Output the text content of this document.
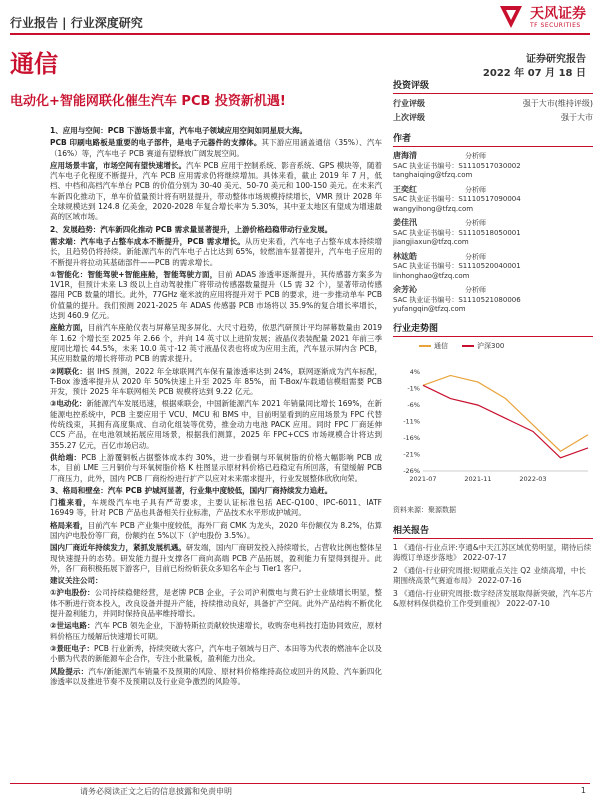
行业报告 | 行业深度研究
天风证券
TF SECURITIES
通信	证券研究报告
2022 年 07 月 18 日
电动化+智能网联化催生汽车 PCB 投资新机遇!

1、应用与空间：PCB 下游场景丰富，汽车电子领域应用空间如同星辰大海。

PCB 印刷电路板是重要的电子部件，是电子元器件的支撑体。其下游应用涵盖通信（35%）、汽车（16%）等，汽车电子 PCB 赛道有望释放广阔发展空间。

应用场景丰富，市场空间有望快速增长。汽车 PCB 应用于控制系统、影音系统、GPS 模块等，随着汽车电子化程度不断提升，汽车 PCB 应用需求仍将继续增加。具体来看，截止 2019 年 7 月，低档、中档和高档汽车单台 PCB 的价值分别为 30-40 美元、50-70 美元和 100-150 美元。在未来汽车新四化推动下，单车价值量预计将有明显提升，带动整体市场规模持续增长，VMR 预计 2028 年全球规模达到 124.8 亿美金，2020-2028 年复合增长率为 5.30%，其中亚太地区有望成为增速最高的区域市场。

2、发展趋势：汽车新四化推动 PCB 需求量显著提升，上游价格趋稳带动行业发展。

需求端：汽车电子占整车成本不断提升，PCB 需求增长。从历史来看，汽车电子占整车成本持续增长，且趋势仍将持续。新能源汽车的汽车电子占比达到 65%，较燃油车显著提升，汽车电子应用的不断提升将拉动其基础部件——PCB 的需求增长。

①智能化：智能驾驶+智能座舱，智能驾驶方面，目前 ADAS 渗透率逐渐提升，其传感器方案多为 1V1R，但预计未来 L3 级以上自动驾驶推广将带动传感器数量提升（L5 需 32 个），显著带动传感器用 PCB 数量的增长。此外，77GHz 毫米波的应用将提升对于 PCB 的要求，进一步推动单车 PCB 价值量的提升。我们预测 2021-2025 年 ADAS 传感器 PCB 市场将以 35.9%的复合增长率增长，达到 460.9 亿元。

座舱方面，目前汽车座舱仪表与屏幕呈现多屏化、大尺寸趋势，依思汽研预计平均屏幕数量由 2019 年 1.62 个增长至 2025 年 2.66 个，并向 14 英寸以上进阶发展；液晶仪表装配量 2021 年前三季度同比增长 44.5%，未来 10.0 英寸-12 英寸液晶仪表也将成为应用主流，汽车显示屏内含 PCB，其应用数量的增长将带动 PCB 的需求提升。

②网联化：据 IHS 预测，2022 年全球联网汽车保有量渗透率达到 24%，联网逐渐成为汽车标配，T-Box 渗透率提升从 2020 年 50%快速上升至 2025 年 85%，而 T-Box/车载通信模组需要 PCB 开发，预计 2025 年车联网相关 PCB 规模将达到 9.22 亿元。

③电动化：新能源汽车发展迅速，根据乘联会，中国新能源汽车 2021 年销量同比增长 169%，在新能源电控系统中，PCB 主要应用于 VCU、MCU 和 BMS 中，目前明显看到的应用场景为 FPC 代替传统线束，其拥有高度集成、自动化组装等优势，推金动力电池 PACK 应用。同时 FPC 厂商延伸 CCS 产品，在电池领域拓展应用场景，根据我们测算，2025 年 FPC+CCS 市场规模合计将达到 355.27 亿元，百亿市场启动。

供给端：PCB 上游覆铜板占据整体成本约 30%，进一步看铜与环氧树脂的价格大幅影响 PCB 成本，目前 LME 三月铜价与环氧树脂价格 K 柱图显示原材料价格已趋稳定有所回落，有望缓解 PCB 厂商压力，此外，国内 PCB 厂商纷纷进行扩产以应对未来需求提升，行业发展整体欣欣向荣。

3、格局和壁垒：汽车 PCB 护城河显著，行业集中度较低，国内厂商持续发力追赶。

门槛来看，车规级汽车电子具有严苛要求，主要认证标准包括 AEC-Q100、IPC-6011、IATF 16949 等，针对 PCB 产品也具备相关行业标准，产品技术水平形成护城河。

格局来看，目前汽车 PCB 产业集中度较低，海外厂商 CMK 为龙头，2020 年份额仅为 8.2%，估算国内沪电股份等厂商，份额约在 5%以下（沪电股份 3.5%）。

国内厂商近年持续发力，紧抓发展机遇。研发端，国内厂商研发投入持续增长，占营收比例也整体呈现快速提升的态势。研发能力提升支撑各厂商向高端 PCB 产品拓展，盈利能力有望得到提升。此外，各厂商积极拓展下游客户，目前已纷纷斩获众多知名车企与 Tier1 客户。

建议关注公司：

①沪电股份：公司持续稳健经营，是老牌 PCB 企业，子公司沪利微电与黄石沪士业绩增长明显，整体不断进行资本投入，改良设备并提升产能，持续推动良好，具备扩产空间。此外产品结构不断优化提升盈利能力，并同时保持良品率维持增长。

②世运电路：汽车 PCB 领先企业，下游特斯拉贡献较快速增长，收购奈电科技打造协同效应，原材料价格压力缓解后快速增长可期。

③景旺电子：PCB 行业新秀，持续突破大客户，汽车电子领域与日产、本田等为代表的燃油车企以及小鹏为代表的新能源车企合作，专注小批量板，盈利能力出众。

风险提示：汽车/新能源汽车销量不及预期的风险、原材料价格维持高位或回升的风险、汽车新四化渗透率以及推进节奏不及预期以及行业竞争激烈的风险等。

投资评级
行业评级	强于大市(维持评级)
上次评级	强于大市
作者
唐海清	分析师
SAC 执业证书编号：S1110517030002
tanghaiqing@tfzq.com
王奕红	分析师
SAC 执业证书编号：S1110517090004
wangyihong@tfzq.com
姜佳汛	分析师
SAC 执业证书编号：S1110518050001
jiangjiaxun@tfzq.com
林竑皓	分析师
SAC 执业证书编号：S1110520040001
linhonghao@tfzq.com
余芳沁	分析师
SAC 执业证书编号：S1110521080006
yufangqin@tfzq.com
行业走势图
通信	沪深300
-26%
-21%
-16%
-11%
-6%
-1%
4%
2021-07	2021-11	2022-03
资料来源：聚源数据
相关报告

1 《通信-行业点评:亨通&中天江苏区域优势明显，期待后续海缆订单逐步落地》 2022-07-17

2 《通信-行业研究周报:短期重点关注 Q2 业绩高增，中长期围绕高景气赛道布局》 2022-07-16

3 《通信-行业研究周报:数字经济发展取得新突破，汽车芯片&原材料保供稳价工作受到重视》 2022-07-10

请务必阅读正文之后的信息披露和免责申明	1
